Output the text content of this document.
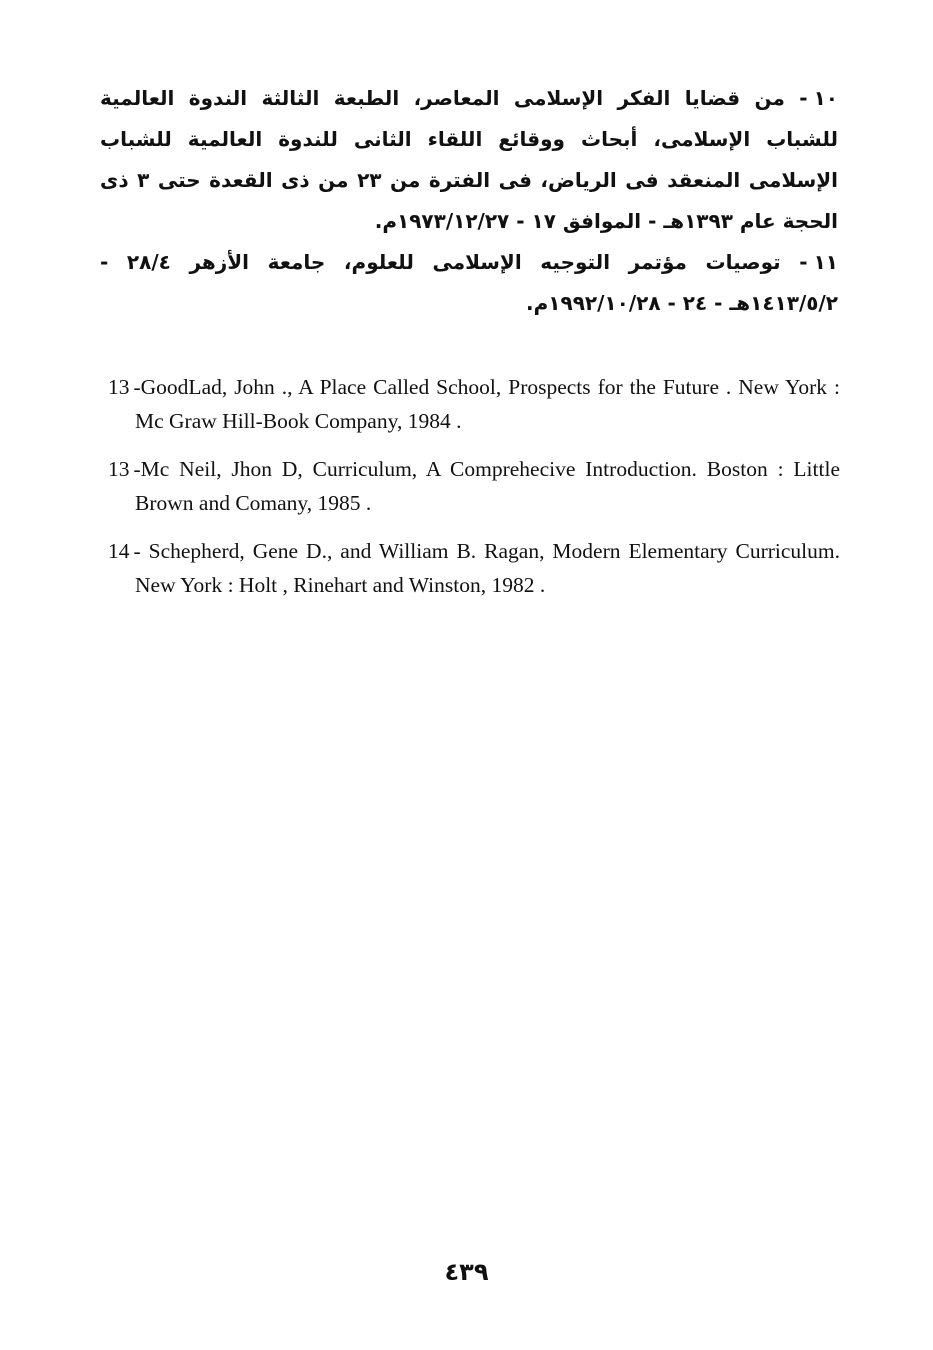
١٠- من قضايا الفكر الإسلامى المعاصر، الطبعة الثالثة الندوة العالمية للشباب الإسلامى، أبحاث ووقائع اللقاء الثانى للندوة العالمية للشباب الإسلامى المنعقد فى الرياض، فى الفترة من ٢٣ من ذى القعدة حتى ٣ ذى الحجة عام ١٣٩٣هـ - الموافق ١٧ - ١٩٧٣/١٢/٢٧م.

١١- توصيات مؤتمر التوجيه الإسلامى للعلوم، جامعة الأزهر ٢٨/٤ - ١٤١٣/٥/٢هـ - ٢٤ - ١٩٩٢/١٠/٢٨م.

13 -GoodLad, John ., A Place Called School, Prospects for the Future . New York : Mc Graw Hill-Book Company, 1984 .

13 -Mc Neil, Jhon D, Curriculum, A Comprehecive Introduction. Boston : Little Brown and Comany, 1985 .

14 - Schepherd, Gene D., and William B. Ragan, Modern Elementary Curriculum. New York : Holt , Rinehart and Winston, 1982 .

٤٣٩
